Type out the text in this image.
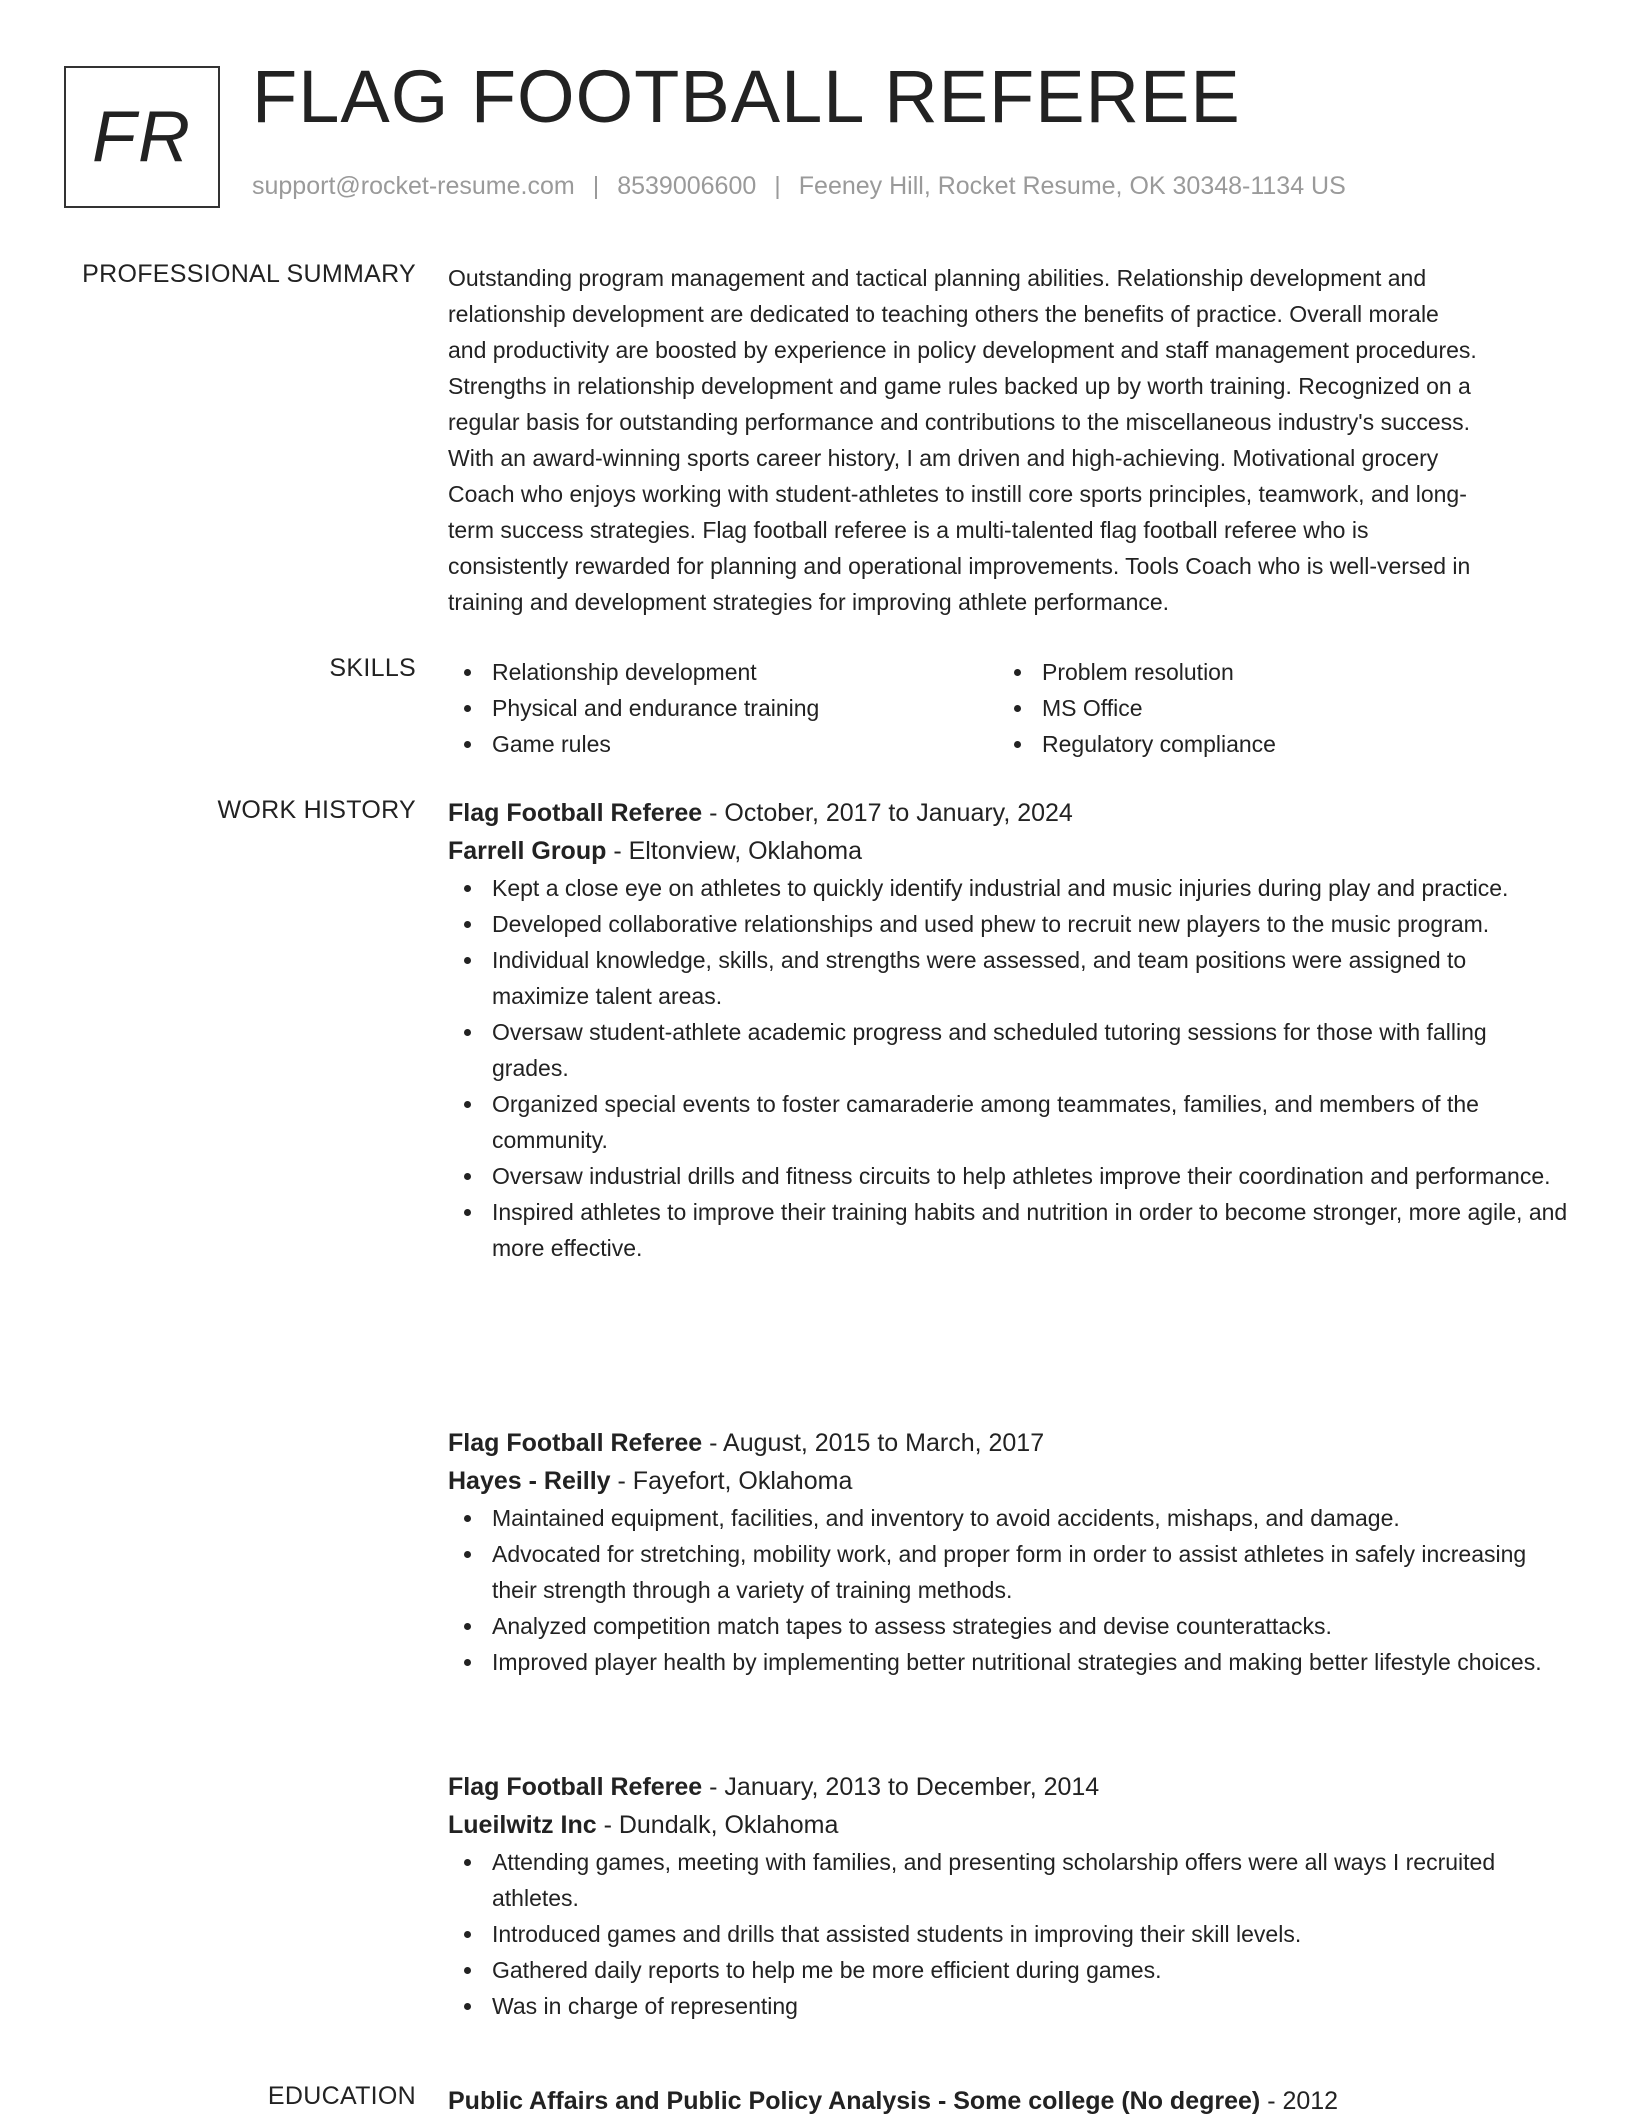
FR FLAG FOOTBALL REFEREE
support@rocket-resume.com | 8539006600 | Feeney Hill, Rocket Resume, OK 30348-1134 US
PROFESSIONAL SUMMARY Outstanding program management and tactical planning abilities. Relationship development and

relationship development are dedicated to teaching others the benefits of practice. Overall morale

and productivity are boosted by experience in policy development and staff management procedures.

Strengths in relationship development and game rules backed up by worth training. Recognized on a

regular basis for outstanding performance and contributions to the miscellaneous industry's success.

With an award-winning sports career history, I am driven and high-achieving. Motivational grocery

Coach who enjoys working with student-athletes to instill core sports principles, teamwork, and long-

term success strategies. Flag football referee is a multi-talented flag football referee who is

consistently rewarded for planning and operational improvements. Tools Coach who is well-versed in

training and development strategies for improving athlete performance.

SKILLS	Relationship development
Physical and endurance training
Game rules
Problem resolution
MS Office
Regulatory compliance
WORK HISTORY Flag Football Referee - October, 2017 to January, 2024
Farrell Group - Eltonview, Oklahoma
Kept a close eye on athletes to quickly identify industrial and music injuries during play and practice.
Developed collaborative relationships and used phew to recruit new players to the music program.
Individual knowledge, skills, and strengths were assessed, and team positions were assigned to maximize talent areas.
Oversaw student-athlete academic progress and scheduled tutoring sessions for those with falling grades.
Organized special events to foster camaraderie among teammates, families, and members of the community.
Oversaw industrial drills and fitness circuits to help athletes improve their coordination and performance.
Inspired athletes to improve their training habits and nutrition in order to become stronger, more agile, and more effective.
Flag Football Referee - August, 2015 to March, 2017
Hayes - Reilly - Fayefort, Oklahoma
Maintained equipment, facilities, and inventory to avoid accidents, mishaps, and damage.
Advocated for stretching, mobility work, and proper form in order to assist athletes in safely increasing their strength through a variety of training methods.
Analyzed competition match tapes to assess strategies and devise counterattacks.
Improved player health by implementing better nutritional strategies and making better lifestyle choices.
Flag Football Referee - January, 2013 to December, 2014
Lueilwitz Inc - Dundalk, Oklahoma
Attending games, meeting with families, and presenting scholarship offers were all ways I recruited athletes.
Introduced games and drills that assisted students in improving their skill levels.
Gathered daily reports to help me be more efficient during games.
Was in charge of representing
EDUCATION Public Affairs and Public Policy Analysis - Some college (No degree) - 2012
